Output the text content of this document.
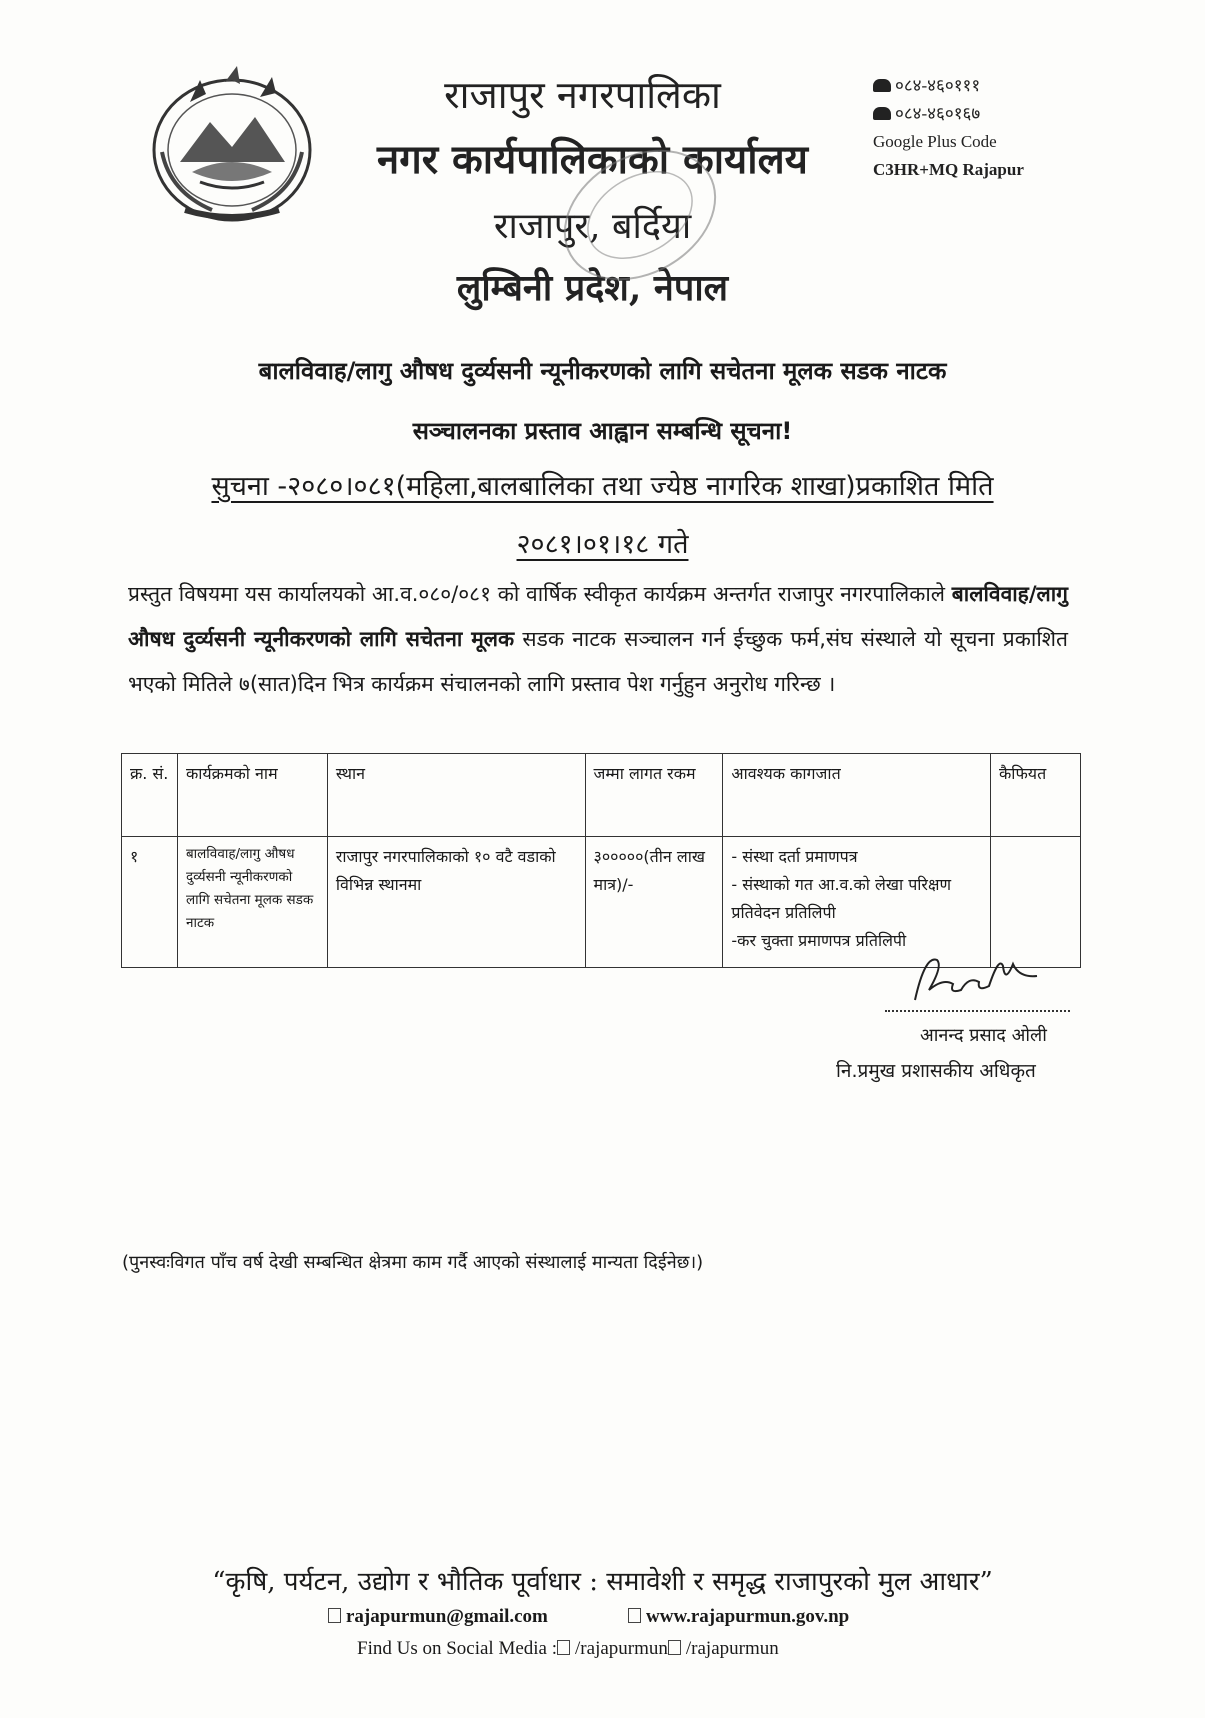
राजापुर नगरपालिका
नगर कार्यपालिकाको कार्यालय
राजापुर, बर्दिया
लुम्बिनी प्रदेश, नेपाल
०८४-४६०१११
०८४-४६०१६७
Google Plus Code
C3HR+MQ Rajapur
बालविवाह/लागु औषध दुर्व्यसनी न्यूनीकरणको लागि सचेतना मूलक सडक नाटक
सञ्चालनका प्रस्ताव आह्वान सम्बन्धि सूचना!
सुचना -२०८०।०८१(महिला,बालबालिका तथा ज्येष्ठ नागरिक शाखा)प्रकाशित मिति
२०८१।०१।१८ गते
प्रस्तुत विषयमा यस कार्यालयको आ.व.०८०/०८१ को वार्षिक स्वीकृत कार्यक्रम अन्तर्गत राजापुर नगरपालिकाले बालविवाह/लागु औषध दुर्व्यसनी न्यूनीकरणको लागि सचेतना मूलक सडक नाटक सञ्चालन गर्न ईच्छुक फर्म,संघ संस्थाले यो सूचना प्रकाशित भएको मितिले ७(सात)दिन भित्र कार्यक्रम संचालनको लागि प्रस्ताव पेश गर्नुहुन अनुरोध गरिन्छ ।
क्र. सं.	कार्यक्रमको नाम	स्थान	जम्मा लागत रकम	आवश्यक कागजात	कैफियत
१	बालविवाह/लागु औषध दुर्व्यसनी न्यूनीकरणको लागि सचेतना मूलक सडक नाटक	राजापुर नगरपालिकाको १० वटै वडाको विभिन्न स्थानमा	३०००००(तीन लाख मात्र)/-	- संस्था दर्ता प्रमाणपत्र
- संस्थाको गत आ.व.को लेखा परिक्षण प्रतिवेदन प्रतिलिपी
-कर चुक्ता प्रमाणपत्र प्रतिलिपी	

आनन्द प्रसाद ओली
नि.प्रमुख प्रशासकीय अधिकृत
(पुनस्वःविगत पाँच वर्ष देखी सम्बन्धित क्षेत्रमा काम गर्दै आएको संस्थालाई मान्यता दिईनेछ।)
“कृषि, पर्यटन, उद्योग र भौतिक पूर्वाधार : समावेशी र समृद्ध राजापुरको मुल आधार”
rajapurmun@gmail.com	www.rajapurmun.gov.np
Find Us on Social Media : /rajapurmun /rajapurmun
